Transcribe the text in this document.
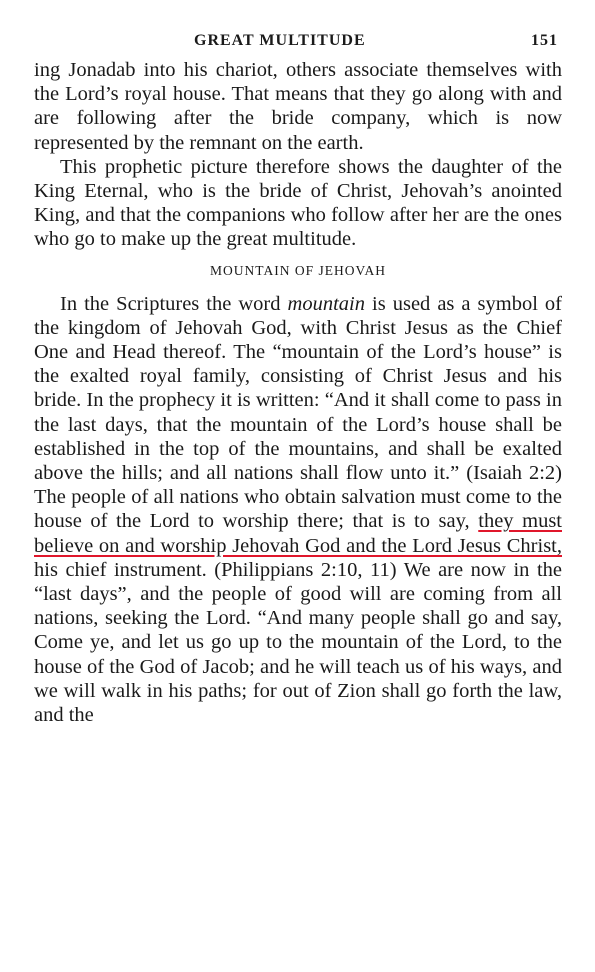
GREAT MULTITUDE	151

ing Jonadab into his chariot, others associate themselves with the Lord’s royal house. That means that they go along with and are following after the bride company, which is now represented by the remnant on the earth.

This prophetic picture therefore shows the daughter of the King Eternal, who is the bride of Christ, Jehovah’s anointed King, and that the companions who follow after her are the ones who go to make up the great multitude.

MOUNTAIN OF JEHOVAH

In the Scriptures the word mountain is used as a symbol of the kingdom of Jehovah God, with Christ Jesus as the Chief One and Head thereof. The “mountain of the Lord’s house” is the exalted royal family, consisting of Christ Jesus and his bride. In the prophecy it is written: “And it shall come to pass in the last days, that the mountain of the Lord’s house shall be established in the top of the mountains, and shall be exalted above the hills; and all nations shall flow unto it.” (Isaiah 2:2) The people of all nations who obtain salvation must come to the house of the Lord to worship there; that is to say, they must believe on and worship Jehovah God and the Lord Jesus Christ, his chief instrument. (Philippians 2:10, 11) We are now in the “last days”, and the people of good will are coming from all nations, seeking the Lord. “And many people shall go and say, Come ye, and let us go up to the mountain of the Lord, to the house of the God of Jacob; and he will teach us of his ways, and we will walk in his paths; for out of Zion shall go forth the law, and the
